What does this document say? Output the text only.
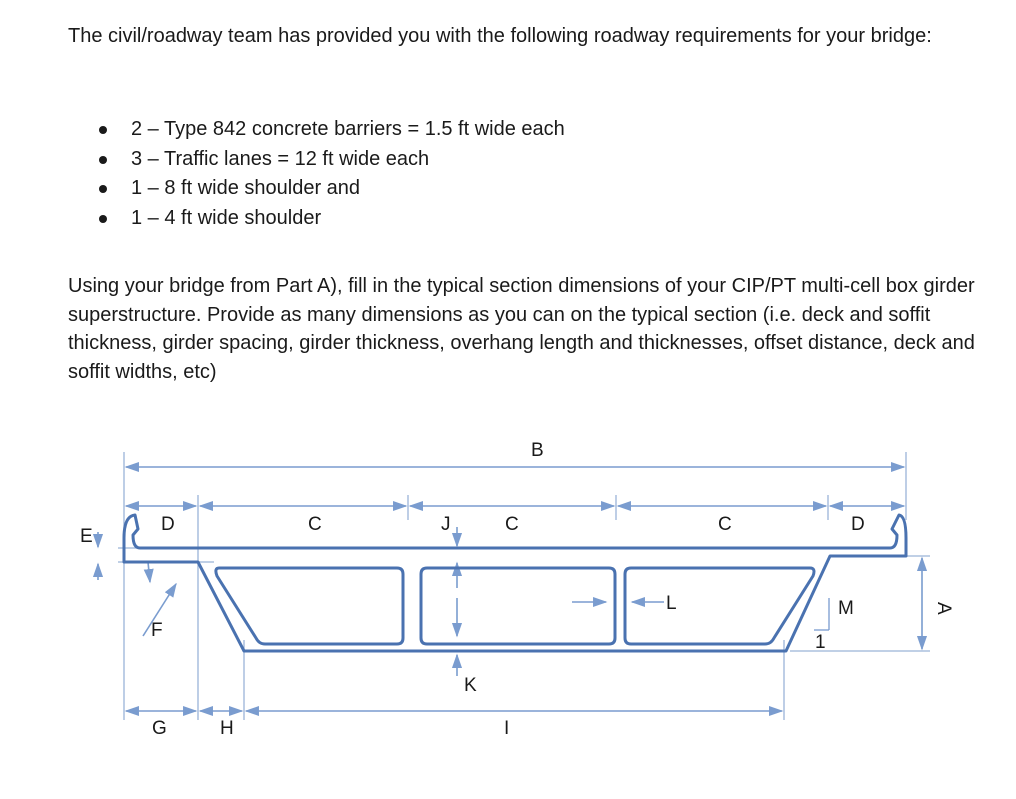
The civil/roadway team has provided you with the following roadway requirements for your bridge:

2 – Type 842 concrete barriers = 1.5 ft wide each
3 – Traffic lanes = 12 ft wide each
1 – 8 ft wide shoulder and
1 – 4 ft wide shoulder

Using your bridge from Part A), fill in the typical section dimensions of your CIP/PT multi-cell box girder superstructure. Provide as many dimensions as you can on the typical section (i.e. deck and soffit thickness, girder spacing, girder thickness, overhang length and thicknesses, offset distance, deck and soffit widths, etc)

B
D	C	J	C	C	D
E
F
L	M
1
K
G	H	I
A
